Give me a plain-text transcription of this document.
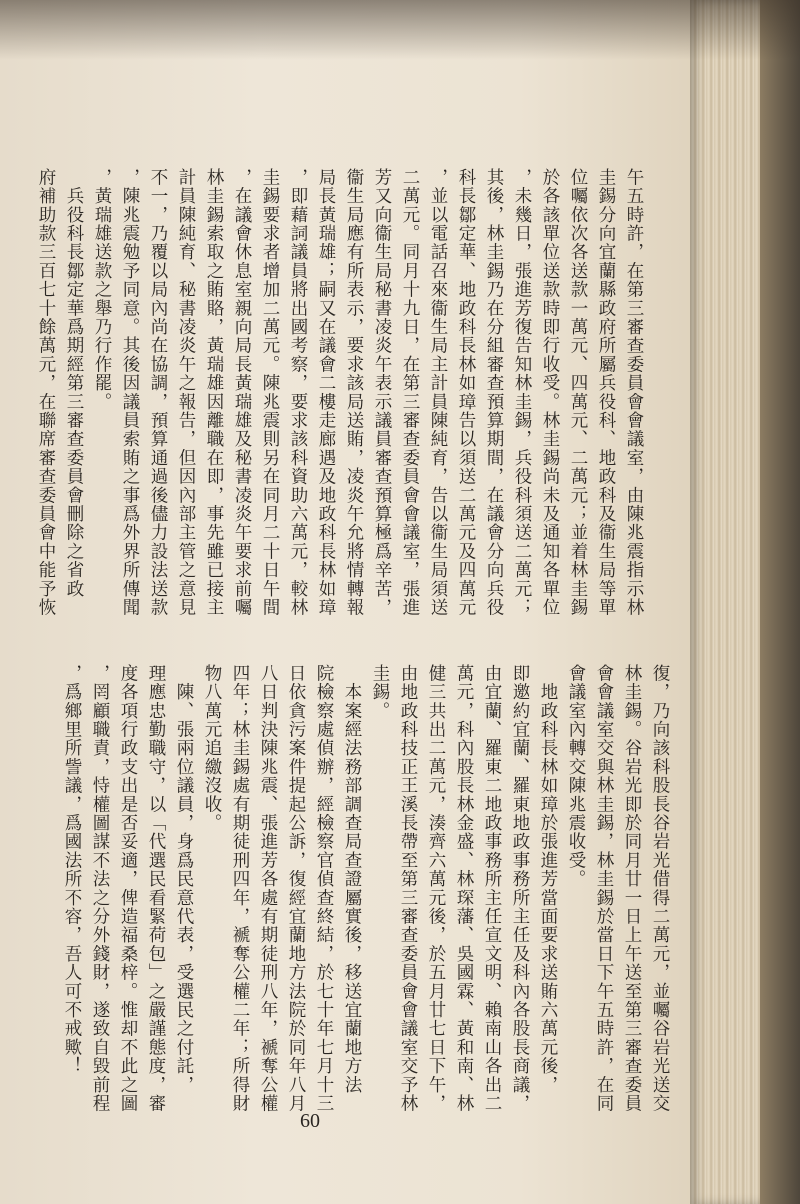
午五時許，在第三審查委員會會議室，由陳兆震指示林
圭錫分向宜蘭縣政府所屬兵役科、地政科及衞生局等單
位囑依次各送款一萬元、四萬元、二萬元；並着林圭錫
於各該單位送款時即行收受。林圭錫尚未及通知各單位
，未幾日，張進芳復告知林圭錫，兵役科須送二萬元；
其後，林圭錫乃在分組審查預算期間，在議會分向兵役
科長鄒定華、地政科長林如璋告以須送二萬元及四萬元
，並以電話召來衞生局主計員陳純育，告以衞生局須送
二萬元。同月十九日，在第三審查委員會會議室，張進
芳又向衞生局秘書凌炎午表示議員審查預算極爲辛苦，
衞生局應有所表示，要求該局送賄，凌炎午允將情轉報
局長黃瑞雄；嗣又在議會二樓走廊遇及地政科長林如璋
，即藉詞議員將出國考察，要求該科資助六萬元，較林
圭錫要求者增加二萬元。陳兆震則另在同月二十日午間
，在議會休息室親向局長黃瑞雄及秘書凌炎午要求前囑
林圭錫索取之賄賂，黃瑞雄因離職在即，事先雖已接主
計員陳純育、秘書凌炎午之報告，但因內部主管之意見
不一，乃覆以局內尚在協調，預算通過後儘力設法送款
，陳兆震勉予同意。其後因議員索賄之事爲外界所傳聞
，黃瑞雄送款之舉乃行作罷。
　兵役科長鄒定華爲期經第三審查委員會刪除之省政
府補助款三百七十餘萬元，在聯席審查委員會中能予恢
復，乃向該科股長谷岩光借得二萬元，並囑谷岩光送交
林圭錫。谷岩光即於同月廿一日上午送至第三審查委員
會會議室交與林圭錫，林圭錫於當日下午五時許，在同
會議室內轉交陳兆震收受。
　地政科長林如璋於張進芳當面要求送賄六萬元後，
即邀約宜蘭、羅東地政事務所主任及科內各股長商議，
由宜蘭、羅東二地政事務所主任宣文明、賴南山各出二
萬元，科內股長林金盛、林琛藩、吳國霖、黃和南、林
健三共出二萬元，湊齊六萬元後，於五月廿七日下午，
由地政科技正王溪長帶至第三審查委員會會議室交予林
圭錫。
　本案經法務部調查局查證屬實後，移送宜蘭地方法
院檢察處偵辦，經檢察官偵查終結，於七十年七月十三
日依貪污案件提起公訴，復經宜蘭地方法院於同年八月
八日判決陳兆震、張進芳各處有期徒刑八年，褫奪公權
四年；林圭錫處有期徒刑四年，褫奪公權二年；所得財
物八萬元追繳沒收。
　陳、張兩位議員，身爲民意代表，受選民之付託，
理應忠勤職守，以「代選民看緊荷包」之嚴謹態度，審
度各項行政支出是否妥適，俾造福桑梓。惟却不此之圖
，罔顧職責，恃權圖謀不法之分外錢財，遂致自毀前程
，爲鄉里所訾議，爲國法所不容，吾人可不戒歟！
60
